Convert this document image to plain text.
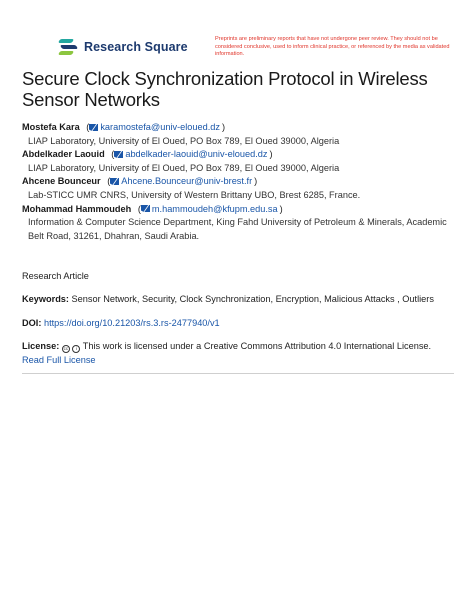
Research Square
Preprints are preliminary reports that have not undergone peer review. They should not be considered conclusive, used to inform clinical practice, or referenced by the media as validated information.
Secure Clock Synchronization Protocol in Wireless Sensor Networks
Mostefa Kara ( karamostefa@univ-eloued.dz )
LIAP Laboratory, University of El Oued, PO Box 789, El Oued 39000, Algeria
Abdelkader Laouid ( abdelkader-laouid@univ-eloued.dz )
LIAP Laboratory, University of El Oued, PO Box 789, El Oued 39000, Algeria
Ahcene Bounceur ( Ahcene.Bounceur@univ-brest.fr )
Lab-STICC UMR CNRS, University of Western Brittany UBO, Brest 6285, France.
Mohammad Hammoudeh ( m.hammoudeh@kfupm.edu.sa )
Information & Computer Science Department, King Fahd University of Petroleum & Minerals, Academic Belt Road, 31261, Dhahran, Saudi Arabia.
Research Article
Keywords: Sensor Network, Security, Clock Synchronization, Encryption, Malicious Attacks , Outliers
DOI: https://doi.org/10.21203/rs.3.rs-2477940/v1
License: cc i This work is licensed under a Creative Commons Attribution 4.0 International License.
Read Full License
